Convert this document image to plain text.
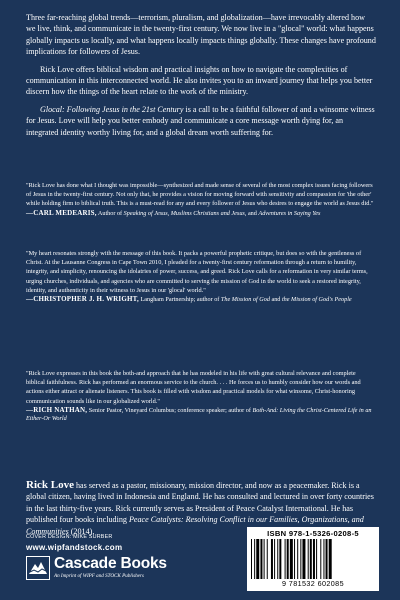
Three far-reaching global trends—terrorism, pluralism, and globalization—have irrevocably altered how we live, think, and communicate in the twenty-first century. We now live in a "glocal" world: what happens globally impacts us locally, and what happens locally impacts things globally. These changes have profound implications for followers of Jesus.

Rick Love offers biblical wisdom and practical insights on how to navigate the complexities of communication in this interconnected world. He also invites you to an inward journey that helps you better discern how the things of the heart relate to the work of the ministry.

Glocal: Following Jesus in the 21st Century is a call to be a faithful follower of and a winsome witness for Jesus. Love will help you better embody and communicate a core message worth dying for, an integrated identity worthy living for, and a global dream worth suffering for.

"Rick Love has done what I thought was impossible—synthesized and made sense of several of the most complex issues facing followers of Jesus in the twenty-first century. Not only that, he provides a vision for moving forward with sensitivity and compassion for 'the other' while holding firm to biblical truth. This is a must-read for any and every follower of Jesus who desires to engage the world as Jesus did."

—CARL MEDEARIS, Author of Speaking of Jesus, Muslims Christians and Jesus, and Adventures in Saying Yes

"My heart resonates strongly with the message of this book. It packs a powerful prophetic critique, but does so with the gentleness of Christ. At the Lausanne Congress in Cape Town 2010, I pleaded for a twenty-first century reformation through a return to humility, integrity, and simplicity, renouncing the idolatries of power, success, and greed. Rick Love calls for a reformation in very similar terms, urging churches, individuals, and agencies who are committed to serving the mission of God in the world to seek a restored integrity, identity, and authenticity in their witness to Jesus in our 'glocal' world."

—CHRISTOPHER J. H. WRIGHT, Langham Partnership; author of The Mission of God and the Mission of God's People

"Rick Love expresses in this book the both-and approach that he has modeled in his life with great cultural relevance and complete biblical faithfulness. Rick has performed an enormous service to the church. . . . He forces us to humbly consider how our words and actions either attract or alienate listeners. This book is filled with wisdom and practical models for what winsome, Christ-honoring communication sounds like in our globalized world."

—RICH NATHAN, Senior Pastor, Vineyard Columbus; conference speaker; author of Both-And: Living the Christ-Centered Life in an Either-Or World

Rick Love has served as a pastor, missionary, mission director, and now as a peacemaker. Rick is a global citizen, having lived in Indonesia and England. He has consulted and lectured in over forty countries in the last thirty-five years. Rick currently serves as President of Peace Catalyst International. He has published four books including Peace Catalysts: Resolving Conflict in our Families, Organizations, and Communities (2014).
COVER DESIGN: MIKE SURBER
www.wipfandstock.com
Cascade Books
An Imprint of WIPF and STOCK Publishers
ISBN 978-1-5326-0208-5
9 781532 602085
